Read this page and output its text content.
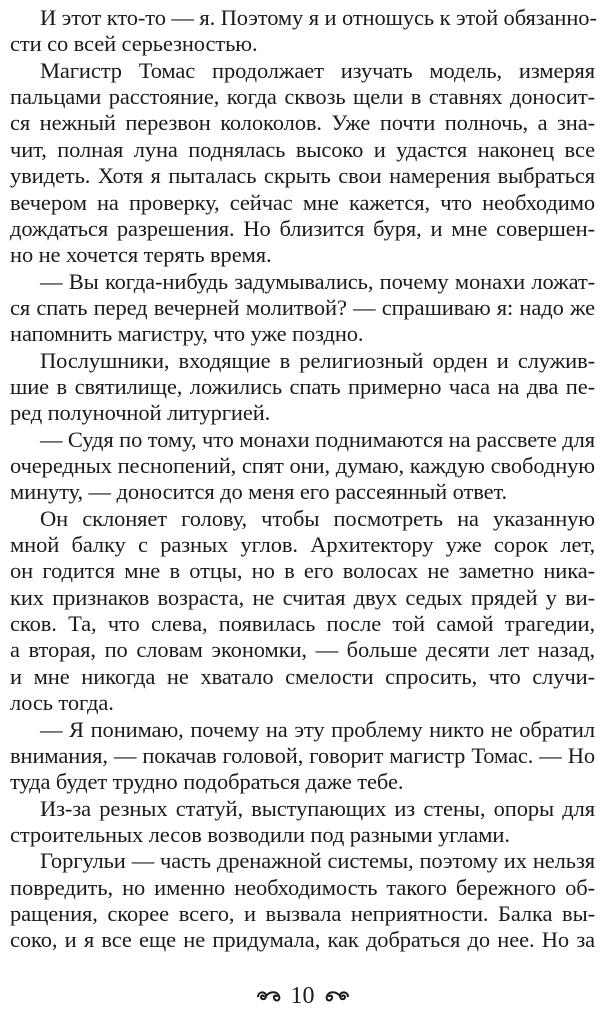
И этот кто-то — я. Поэтому я и отношусь к этой обязанно-
сти со всей серьезностью.
Магистр Томас продолжает изучать модель, измеряя
пальцами расстояние, когда сквозь щели в ставнях доносит-
ся нежный перезвон колоколов. Уже почти полночь, а зна-
чит, полная луна поднялась высоко и удастся наконец все
увидеть. Хотя я пыталась скрыть свои намерения выбраться
вечером на проверку, сейчас мне кажется, что необходимо
дождаться разрешения. Но близится буря, и мне совершен-
но не хочется терять время.
— Вы когда-нибудь задумывались, почему монахи ложат-
ся спать перед вечерней молитвой? — спрашиваю я: надо же
напомнить магистру, что уже поздно.
Послушники, входящие в религиозный орден и служив-
шие в святилище, ложились спать примерно часа на два пе-
ред полуночной литургией.
— Судя по тому, что монахи поднимаются на рассвете для
очередных песнопений, спят они, думаю, каждую свободную
минуту, — доносится до меня его рассеянный ответ.
Он склоняет голову, чтобы посмотреть на указанную
мной балку с разных углов. Архитектору уже сорок лет,
он годится мне в отцы, но в его волосах не заметно ника-
ких признаков возраста, не считая двух седых прядей у ви-
сков. Та, что слева, появилась после той самой трагедии,
а вторая, по словам экономки, — больше десяти лет назад,
и мне никогда не хватало смелости спросить, что случи-
лось тогда.
— Я понимаю, почему на эту проблему никто не обратил
внимания, — покачав головой, говорит магистр Томас. — Но
туда будет трудно подобраться даже тебе.
Из-за резных статуй, выступающих из стены, опоры для
строительных лесов возводили под разными углами.
Горгульи — часть дренажной системы, поэтому их нельзя
повредить, но именно необходимость такого бережного об-
ращения, скорее всего, и вызвала неприятности. Балка вы-
соко, и я все еще не придумала, как добраться до нее. Но за
10
